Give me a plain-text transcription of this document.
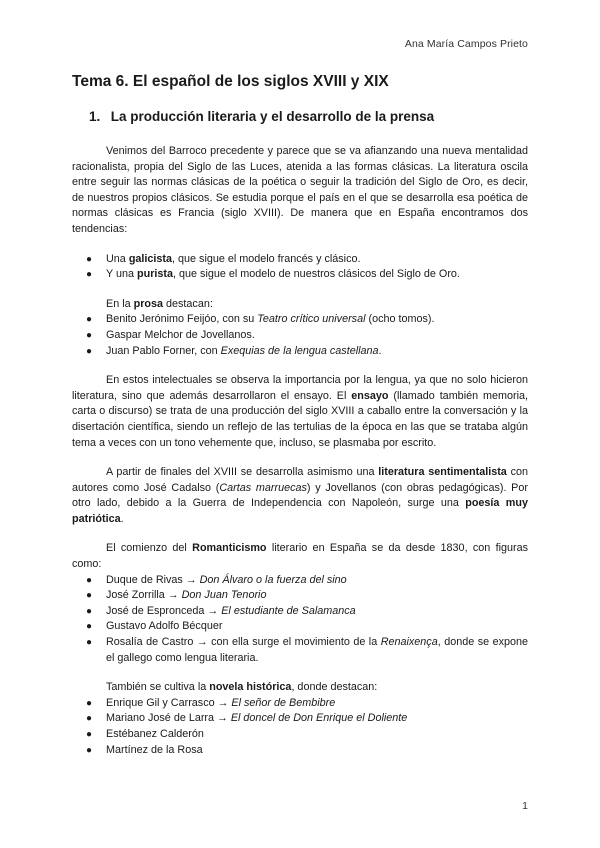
Ana María Campos Prieto
Tema 6. El español de los siglos XVIII y XIX
1. La producción literaria y el desarrollo de la prensa

Venimos del Barroco precedente y parece que se va afianzando una nueva mentalidad racionalista, propia del Siglo de las Luces, atenida a las formas clásicas. La literatura oscila entre seguir las normas clásicas de la poética o seguir la tradición del Siglo de Oro, es decir, de nuestros propios clásicos. Se estudia porque el país en el que se desarrolla esa poética de normas clásicas es Francia (siglo XVIII). De manera que en España encontramos dos tendencias:

● Una galicista, que sigue el modelo francés y clásico.
● Y una purista, que sigue el modelo de nuestros clásicos del Siglo de Oro.
En la prosa destacan:
● Benito Jerónimo Feijóo, con su Teatro crítico universal (ocho tomos).
● Gaspar Melchor de Jovellanos.
● Juan Pablo Forner, con Exequias de la lengua castellana.

En estos intelectuales se observa la importancia por la lengua, ya que no solo hicieron literatura, sino que además desarrollaron el ensayo. El ensayo (llamado también memoria, carta o discurso) se trata de una producción del siglo XVIII a caballo entre la conversación y la disertación científica, siendo un reflejo de las tertulias de la época en las que se trataba algún tema a veces con un tono vehemente que, incluso, se plasmaba por escrito.

A partir de finales del XVIII se desarrolla asimismo una literatura sentimentalista con autores como José Cadalso (Cartas marruecas) y Jovellanos (con obras pedagógicas). Por otro lado, debido a la Guerra de Independencia con Napoleón, surge una poesía muy patriótica.

El comienzo del Romanticismo literario en España se da desde 1830, con figuras como:

● Duque de Rivas → Don Álvaro o la fuerza del sino
● José Zorrilla → Don Juan Tenorio
● José de Espronceda → El estudiante de Salamanca
● Gustavo Adolfo Bécquer
● Rosalía de Castro → con ella surge el movimiento de la Renaixença, donde se expone el gallego como lengua literaria.
También se cultiva la novela histórica, donde destacan:
● Enrique Gil y Carrasco → El señor de Bembibre
● Mariano José de Larra → El doncel de Don Enrique el Doliente
● Estébanez Calderón
● Martínez de la Rosa
1
